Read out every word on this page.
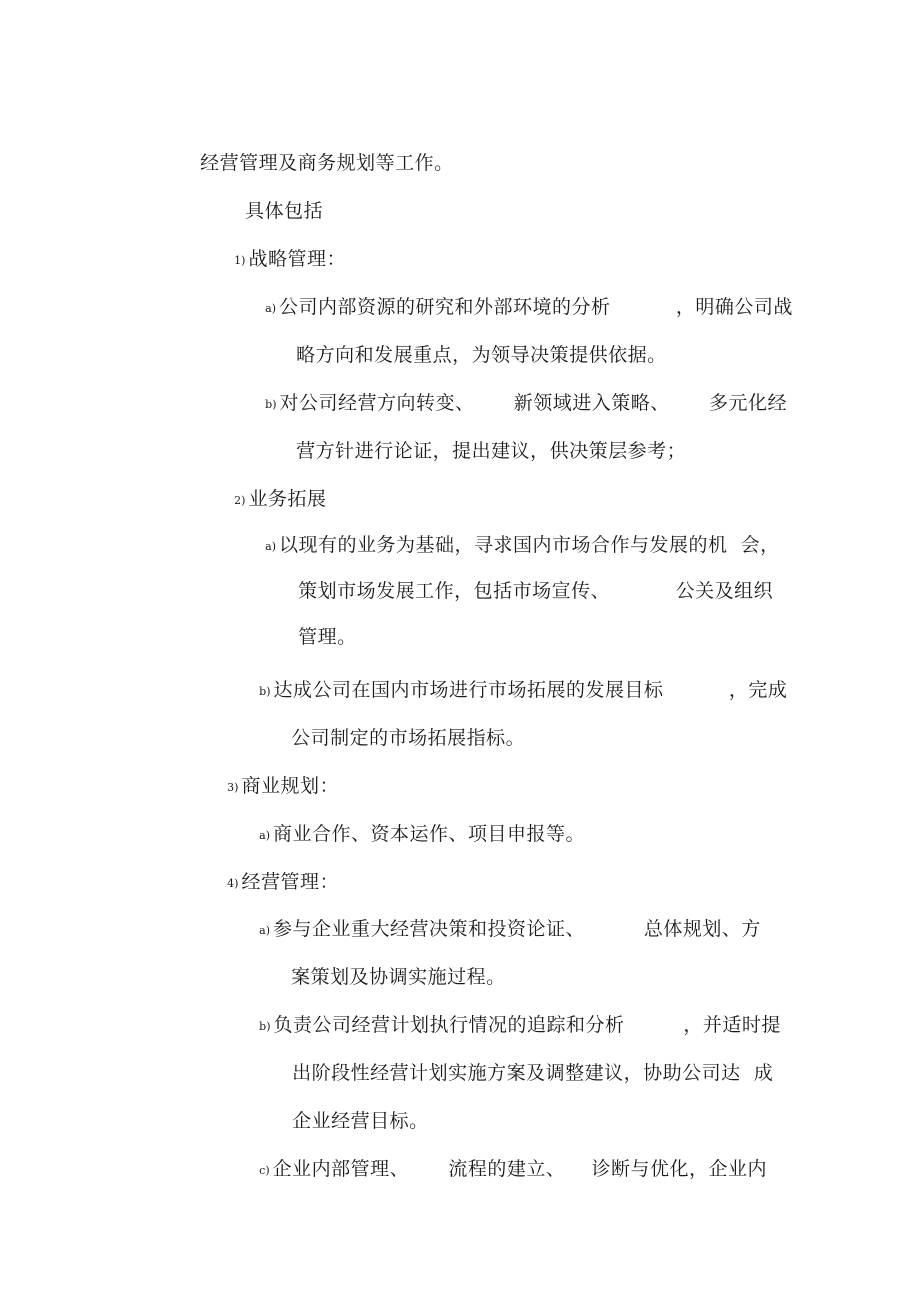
经营管理及商务规划等工作。

具体包括

1) 战略管理：

a) 公司内部资源的研究和外部环境的分析          ，明确公司战

略方向和发展重点，为领导决策提供依据。

b) 对公司经营方向转变、      新领域进入策略、      多元化经

营方针进行论证，提出建议，供决策层参考；

2) 业务拓展

a) 以现有的业务为基础，寻求国内市场合作与发展的机  会，

策划市场发展工作，包括市场宣传、          公关及组织

管理。

b) 达成公司在国内市场进行市场拓展的发展目标          ，完成

公司制定的市场拓展指标。

3) 商业规划：

a) 商业合作、资本运作、项目申报等。

4) 经营管理：

a) 参与企业重大经营决策和投资论证、         总体规划、方

案策划及协调实施过程。

b) 负责公司经营计划执行情况的追踪和分析         ，并适时提

出阶段性经营计划实施方案及调整建议，协助公司达  成

企业经营目标。

c) 企业内部管理、      流程的建立、    诊断与优化，企业内
